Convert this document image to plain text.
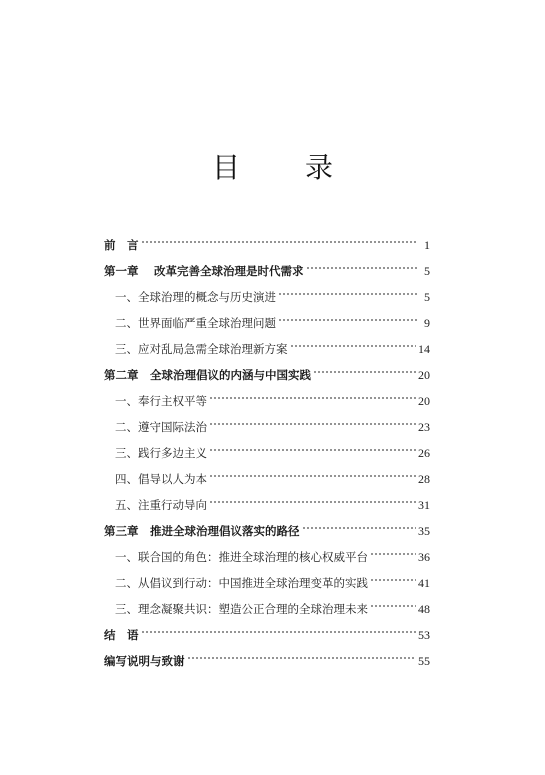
目 录
前　言	1
第一章　 改革完善全球治理是时代需求	5
一、全球治理的概念与历史演进	5
二、世界面临严重全球治理问题	9
三、应对乱局急需全球治理新方案	14
第二章　全球治理倡议的内涵与中国实践	20
一、奉行主权平等	20
二、遵守国际法治	23
三、践行多边主义	26
四、倡导以人为本	28
五、注重行动导向	31
第三章　推进全球治理倡议落实的路径	35
一、联合国的角色：推进全球治理的核心权威平台	36
二、从倡议到行动：中国推进全球治理变革的实践	41
三、理念凝聚共识：塑造公正合理的全球治理未来	48
结　语	53
编写说明与致谢	55
